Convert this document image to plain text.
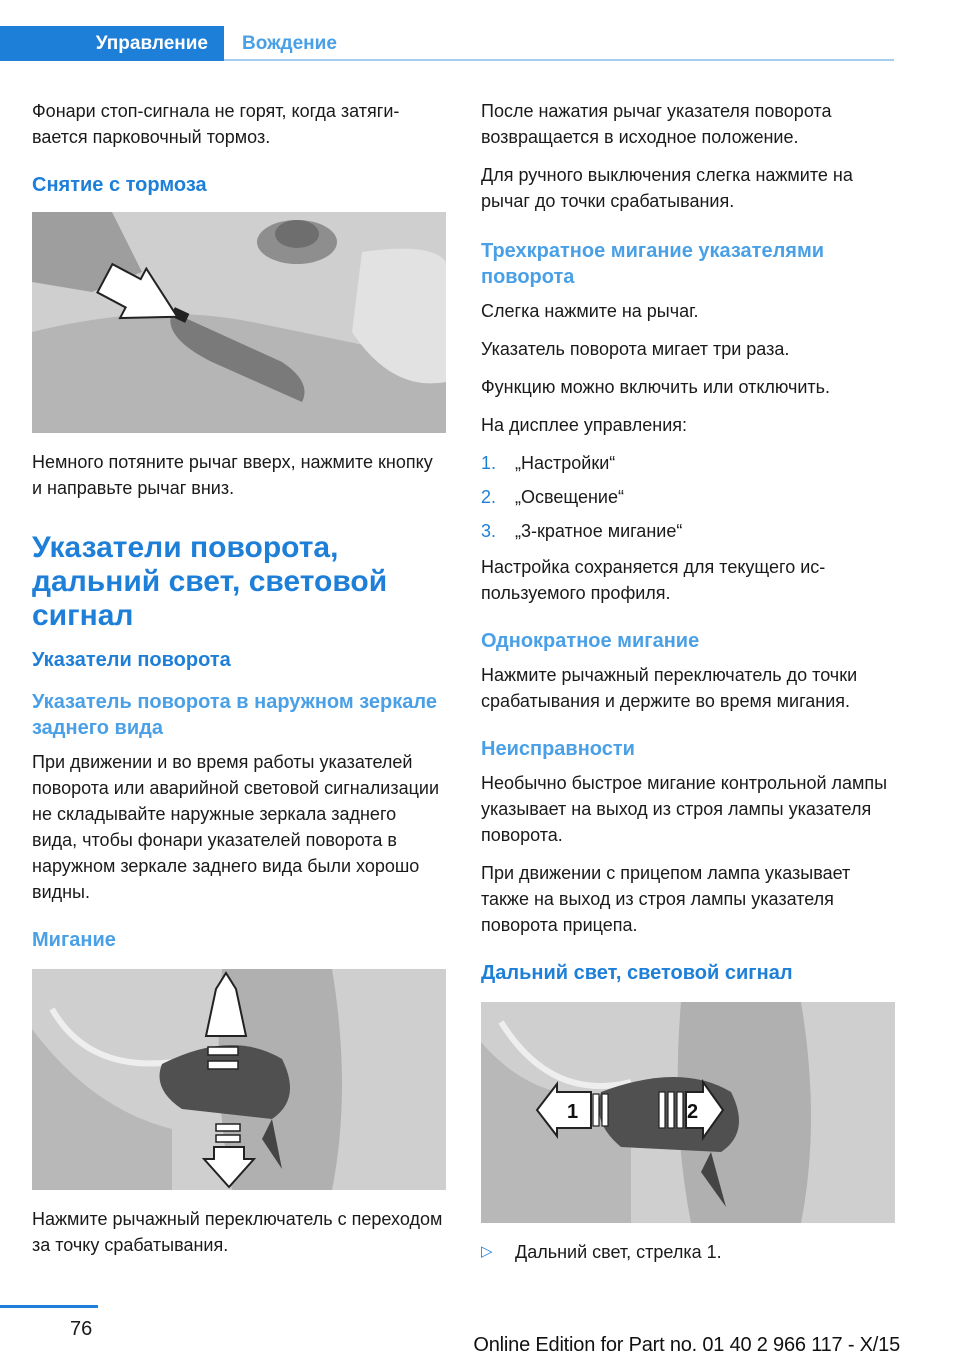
Управление	Вождение

Фонари стоп-сигнала не горят, когда затягивается парковочный тормоз.

Снятие с тормоза

Немного потяните рычаг вверх, нажмите кнопку и направьте рычаг вниз.

Указатели поворота, дальний свет, световой сигнал
Указатели поворота
Указатель поворота в наружном зеркале заднего вида

При движении и во время работы указателей поворота или аварийной световой сигнализации не складывайте наружные зеркала заднего вида, чтобы фонари указателей поворота в наружном зеркале заднего вида были хорошо видны.

Мигание

Нажмите рычажный переключатель с переходом за точку срабатывания.

После нажатия рычаг указателя поворота возвращается в исходное положение.

Для ручного выключения слегка нажмите на рычаг до точки срабатывания.

Трехкратное мигание указателями поворота

Слегка нажмите на рычаг.

Указатель поворота мигает три раза.

Функцию можно включить или отключить.

На дисплее управления:

1.	„Настройки“
2.	„Освещение“
3.	„3-кратное мигание“

Настройка сохраняется для текущего используемого профиля.

Однократное мигание

Нажмите рычажный переключатель до точки срабатывания и держите во время мигания.

Неисправности

Необычно быстрое мигание контрольной лампы указывает на выход из строя лампы указателя поворота.

При движении с прицепом лампа указывает также на выход из строя лампы указателя поворота прицепа.

Дальний свет, световой сигнал
1	2
▷	Дальний свет, стрелка 1.
76
Online Edition for Part no. 01 40 2 966 117 - X/15
